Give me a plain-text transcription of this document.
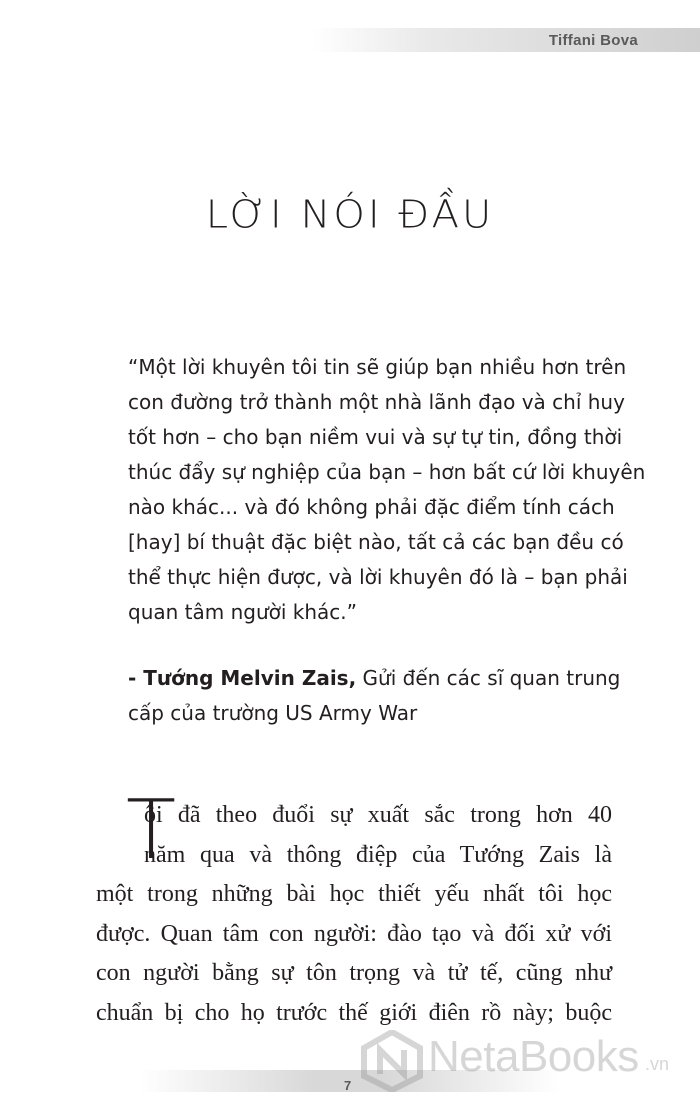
Tiffani Bova
LỜI NÓI ĐẦU
“Một lời khuyên tôi tin sẽ giúp bạn nhiều hơn trên
con đường trở thành một nhà lãnh đạo và chỉ huy
tốt hơn – cho bạn niềm vui và sự tự tin, đồng thời
thúc đẩy sự nghiệp của bạn – hơn bất cứ lời khuyên
nào khác... và đó không phải đặc điểm tính cách
[hay] bí thuật đặc biệt nào, tất cả các bạn đều có
thể thực hiện được, và lời khuyên đó là – bạn phải
quan tâm người khác.”
- Tướng Melvin Zais, Gửi đến các sĩ quan trung
cấp của trường US Army War
T
ôi đã theo đuổi sự xuất sắc trong hơn 40
năm qua và thông điệp của Tướng Zais là
một trong những bài học thiết yếu nhất tôi học
được. Quan tâm con người: đào tạo và đối xử với
con người bằng sự tôn trọng và tử tế, cũng như
chuẩn bị cho họ trước thế giới điên rồ này; buộc
7
NetaBooks .vn
